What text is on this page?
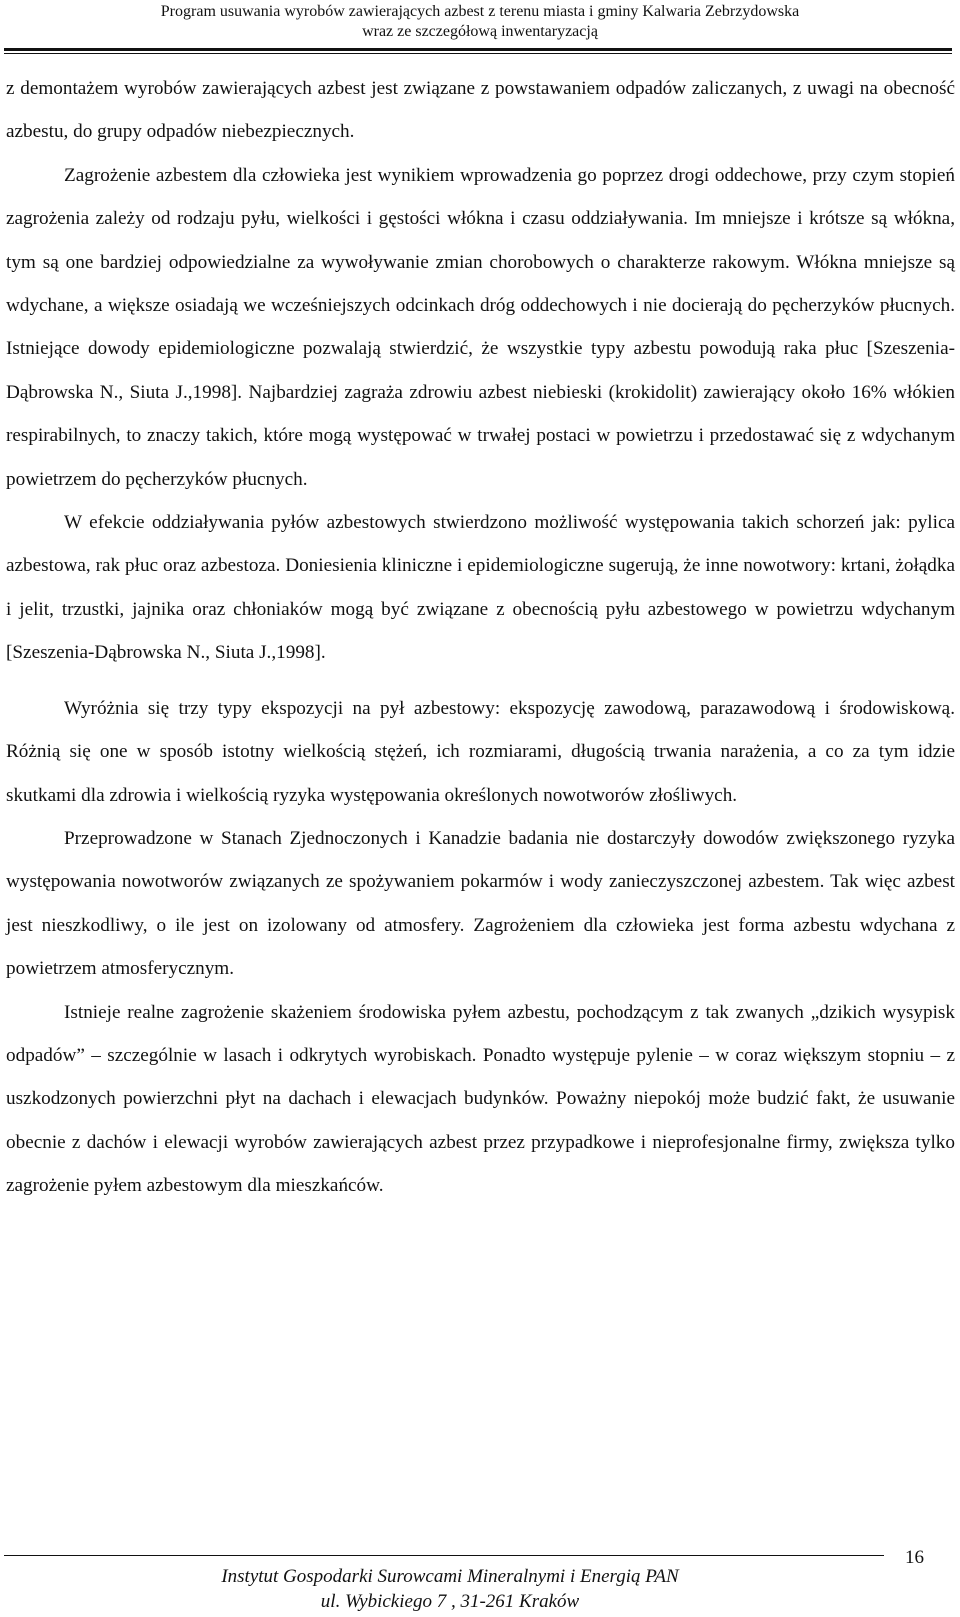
Program usuwania wyrobów zawierających azbest z terenu miasta i gminy Kalwaria Zebrzydowska
wraz ze szczegółową inwentaryzacją

z demontażem wyrobów zawierających azbest jest związane z powstawaniem odpadów zaliczanych, z uwagi na obecność azbestu, do grupy odpadów niebezpiecznych.

Zagrożenie azbestem dla człowieka jest wynikiem wprowadzenia go poprzez drogi oddechowe, przy czym stopień zagrożenia zależy od rodzaju pyłu, wielkości i gęstości włókna i czasu oddziaływania. Im mniejsze i krótsze są włókna, tym są one bardziej odpowiedzialne za wywoływanie zmian chorobowych o charakterze rakowym. Włókna mniejsze są wdychane, a większe osiadają we wcześniejszych odcinkach dróg oddechowych i nie docierają do pęcherzyków płucnych. Istniejące dowody epidemiologiczne pozwalają stwierdzić, że wszystkie typy azbestu powodują raka płuc [Szeszenia-Dąbrowska N., Siuta J.,1998]. Najbardziej zagraża zdrowiu azbest niebieski (krokidolit) zawierający około 16% włókien respirabilnych, to znaczy takich, które mogą występować w trwałej postaci w powietrzu i przedostawać się z wdychanym powietrzem do pęcherzyków płucnych.

W efekcie oddziaływania pyłów azbestowych stwierdzono możliwość występowania takich schorzeń jak: pylica azbestowa, rak płuc oraz azbestoza. Doniesienia kliniczne i epidemiologiczne sugerują, że inne nowotwory: krtani, żołądka i jelit, trzustki, jajnika oraz chłoniaków mogą być związane z obecnością pyłu azbestowego w powietrzu wdychanym [Szeszenia-Dąbrowska N., Siuta J.,1998].

Wyróżnia się trzy typy ekspozycji na pył azbestowy: ekspozycję zawodową, parazawodową i środowiskową. Różnią się one w sposób istotny wielkością stężeń, ich rozmiarami, długością trwania narażenia, a co za tym idzie skutkami dla zdrowia i wielkością ryzyka występowania określonych nowotworów złośliwych.

Przeprowadzone w Stanach Zjednoczonych i Kanadzie badania nie dostarczyły dowodów zwiększonego ryzyka występowania nowotworów związanych ze spożywaniem pokarmów i wody zanieczyszczonej azbestem. Tak więc azbest jest nieszkodliwy, o ile jest on izolowany od atmosfery. Zagrożeniem dla człowieka jest forma azbestu wdychana z powietrzem atmosferycznym.

Istnieje realne zagrożenie skażeniem środowiska pyłem azbestu, pochodzącym z tak zwanych „dzikich wysypisk odpadów” – szczególnie w lasach i odkrytych wyrobiskach. Ponadto występuje pylenie – w coraz większym stopniu – z uszkodzonych powierzchni płyt na dachach i elewacjach budynków. Poważny niepokój może budzić fakt, że usuwanie obecnie z dachów i elewacji wyrobów zawierających azbest przez przypadkowe i nieprofesjonalne firmy, zwiększa tylko zagrożenie pyłem azbestowym dla mieszkańców.

Instytut Gospodarki Surowcami Mineralnymi i Energią PAN
ul. Wybickiego 7 , 31-261 Kraków
16
